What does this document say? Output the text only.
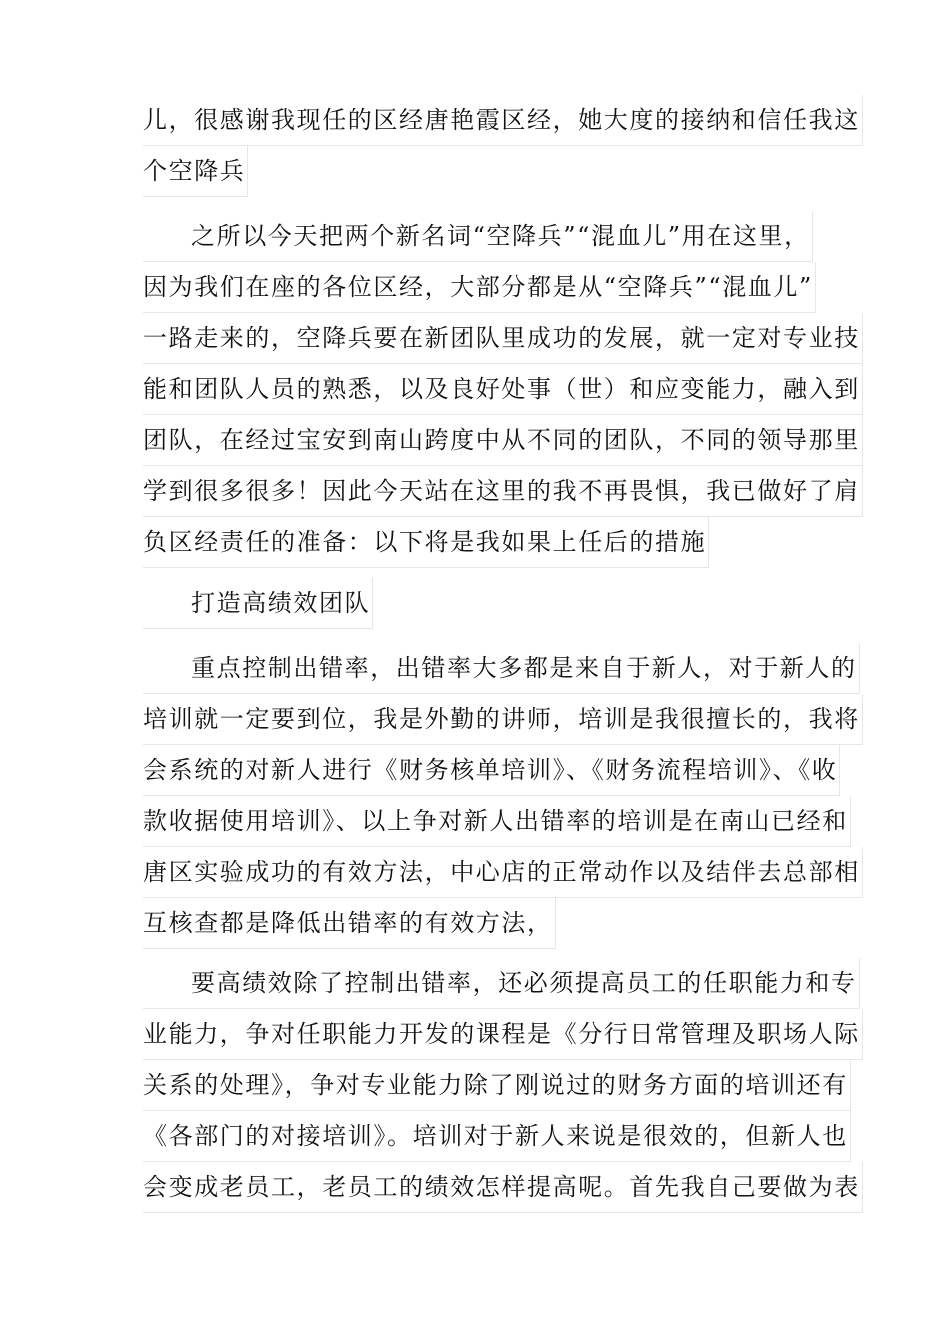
儿，很感谢我现任的区经唐艳霞区经，她大度的接纳和信任我这
个空降兵
之所以今天把两个新名词“空降兵”“混血儿”用在这里，
因为我们在座的各位区经，大部分都是从“空降兵”“混血儿”
一路走来的，空降兵要在新团队里成功的发展，就一定对专业技
能和团队人员的熟悉，以及良好处事（世）和应变能力，融入到
团队，在经过宝安到南山跨度中从不同的团队，不同的领导那里
学到很多很多！因此今天站在这里的我不再畏惧，我已做好了肩
负区经责任的准备：以下将是我如果上任后的措施
打造高绩效团队
重点控制出错率，出错率大多都是来自于新人，对于新人的
培训就一定要到位，我是外勤的讲师，培训是我很擅长的，我将
会系统的对新人进行《财务核单培训》、《财务流程培训》、《收
款收据使用培训》、以上争对新人出错率的培训是在南山已经和
唐区实验成功的有效方法，中心店的正常动作以及结伴去总部相
互核查都是降低出错率的有效方法，
要高绩效除了控制出错率，还必须提高员工的任职能力和专
业能力，争对任职能力开发的课程是《分行日常管理及职场人际
关系的处理》，争对专业能力除了刚说过的财务方面的培训还有
《各部门的对接培训》。培训对于新人来说是很效的，但新人也
会变成老员工，老员工的绩效怎样提高呢。首先我自己要做为表
